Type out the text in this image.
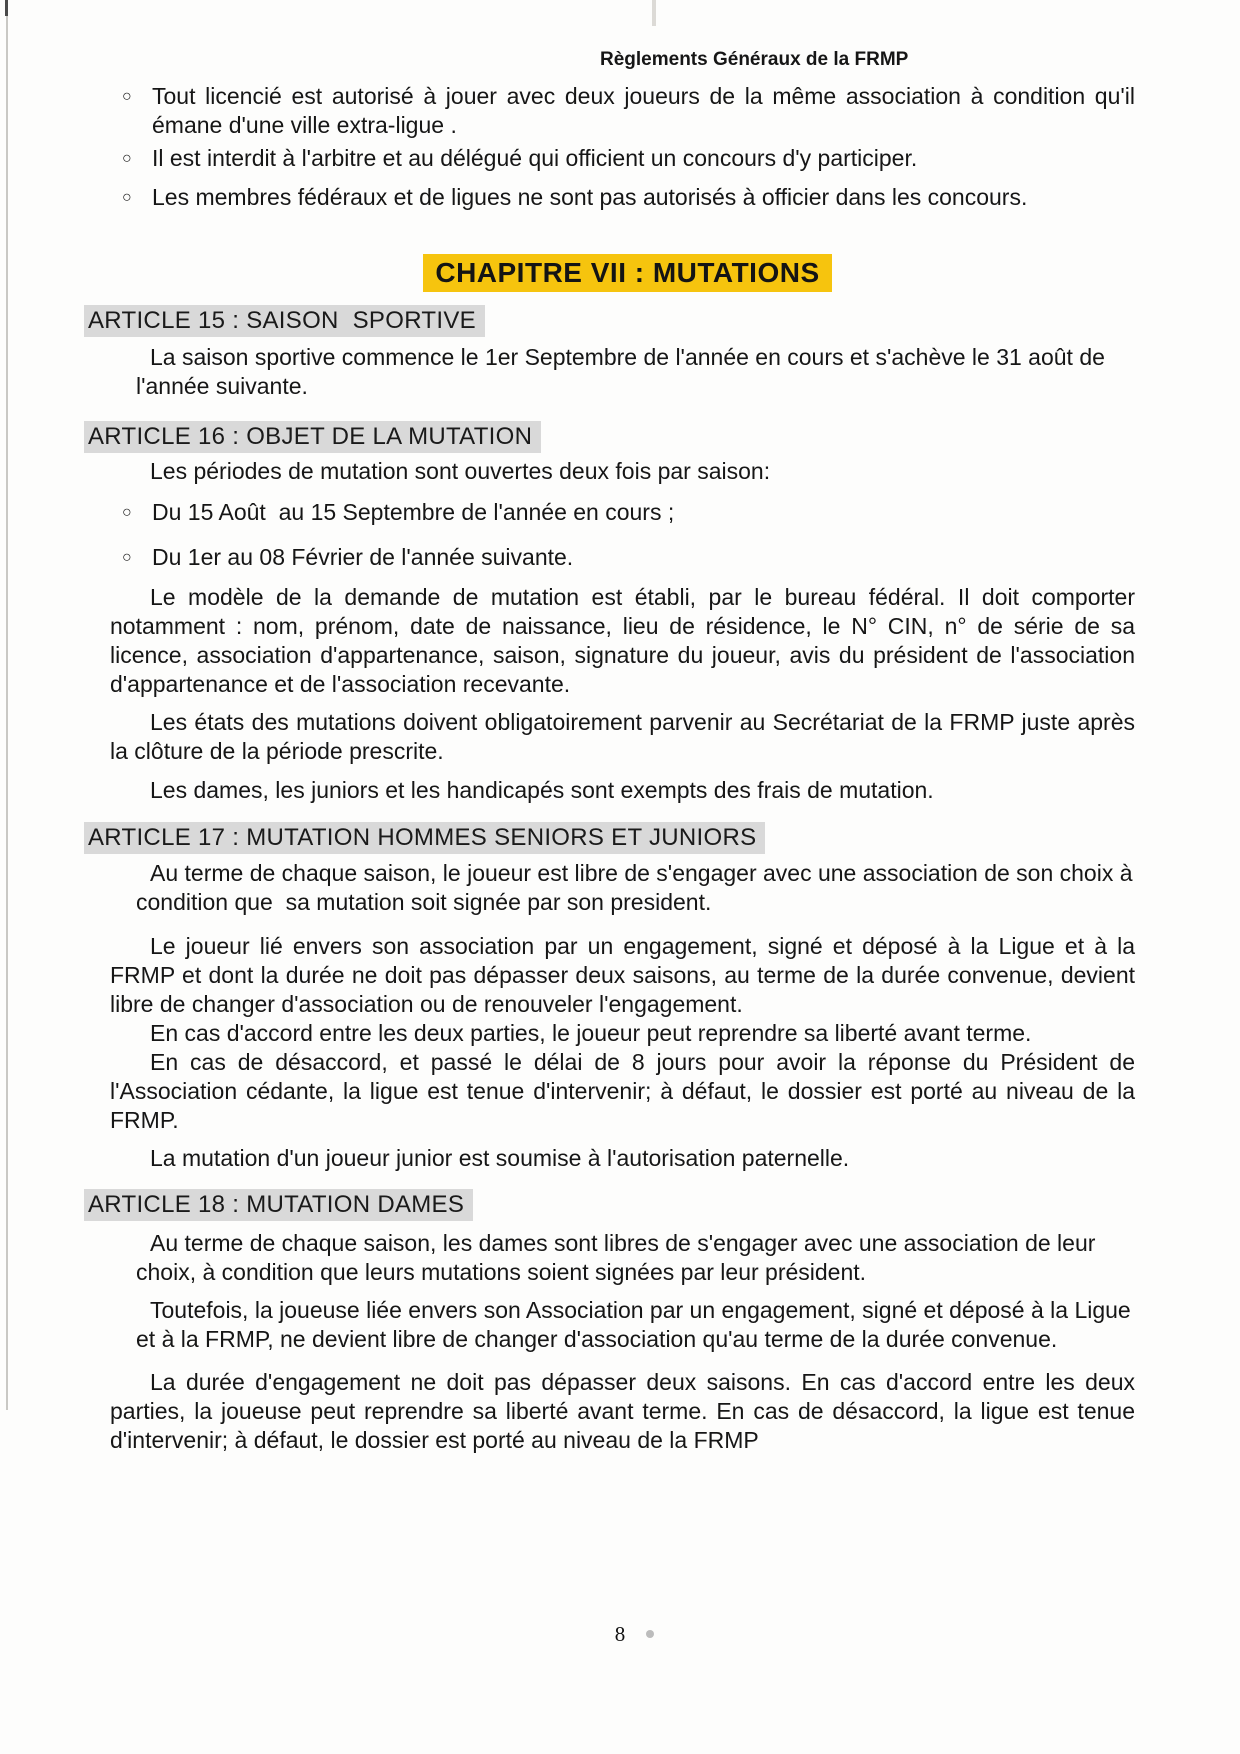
Règlements Généraux de la FRMP
○ Tout licencié est autorisé à jouer avec deux joueurs de la même association à condition qu'il émane d'une ville extra-ligue .
○ Il est interdit à l'arbitre et au délégué qui officient un concours d'y participer.
○ Les membres fédéraux et de ligues ne sont pas autorisés à officier dans les concours.
CHAPITRE VII : MUTATIONS
ARTICLE 15 : SAISON  SPORTIVE

La saison sportive commence le 1er Septembre de l'année en cours et s'achève le 31 août de l'année suivante.

ARTICLE 16 : OBJET DE LA MUTATION

Les périodes de mutation sont ouvertes deux fois par saison:

○ Du 15 Août  au 15 Septembre de l'année en cours ;
○ Du 1er au 08 Février de l'année suivante.

Le modèle de la demande de mutation est établi, par le bureau fédéral. Il doit comporter notamment : nom, prénom, date de naissance, lieu de résidence, le N° CIN, n° de série de sa licence, association d'appartenance, saison, signature du joueur, avis du président de l'association d'appartenance et de l'association recevante.

Les états des mutations doivent obligatoirement parvenir au Secrétariat de la FRMP juste après la clôture de la période prescrite.

Les dames, les juniors et les handicapés sont exempts des frais de mutation.

ARTICLE 17 : MUTATION HOMMES SENIORS ET JUNIORS

Au terme de chaque saison, le joueur est libre de s'engager avec une association de son choix à condition que  sa mutation soit signée par son president.

Le joueur lié envers son association par un engagement, signé et déposé à la Ligue et à la FRMP et dont la durée ne doit pas dépasser deux saisons, au terme de la durée convenue, devient libre de changer d'association ou de renouveler l'engagement.

En cas d'accord entre les deux parties, le joueur peut reprendre sa liberté avant terme.

En cas de désaccord, et passé le délai de 8 jours pour avoir la réponse du Président de l'Association cédante, la ligue est tenue d'intervenir; à défaut, le dossier est porté au niveau de la FRMP.

La mutation d'un joueur junior est soumise à l'autorisation paternelle.

ARTICLE 18 : MUTATION DAMES

Au terme de chaque saison, les dames sont libres de s'engager avec une association de leur choix, à condition que leurs mutations soient signées par leur président.

Toutefois, la joueuse liée envers son Association par un engagement, signé et déposé à la Ligue et à la FRMP, ne devient libre de changer d'association qu'au terme de la durée convenue.

La durée d'engagement ne doit pas dépasser deux saisons. En cas d'accord entre les deux parties, la joueuse peut reprendre sa liberté avant terme. En cas de désaccord, la ligue est tenue d'intervenir; à défaut, le dossier est porté au niveau de la FRMP

8
